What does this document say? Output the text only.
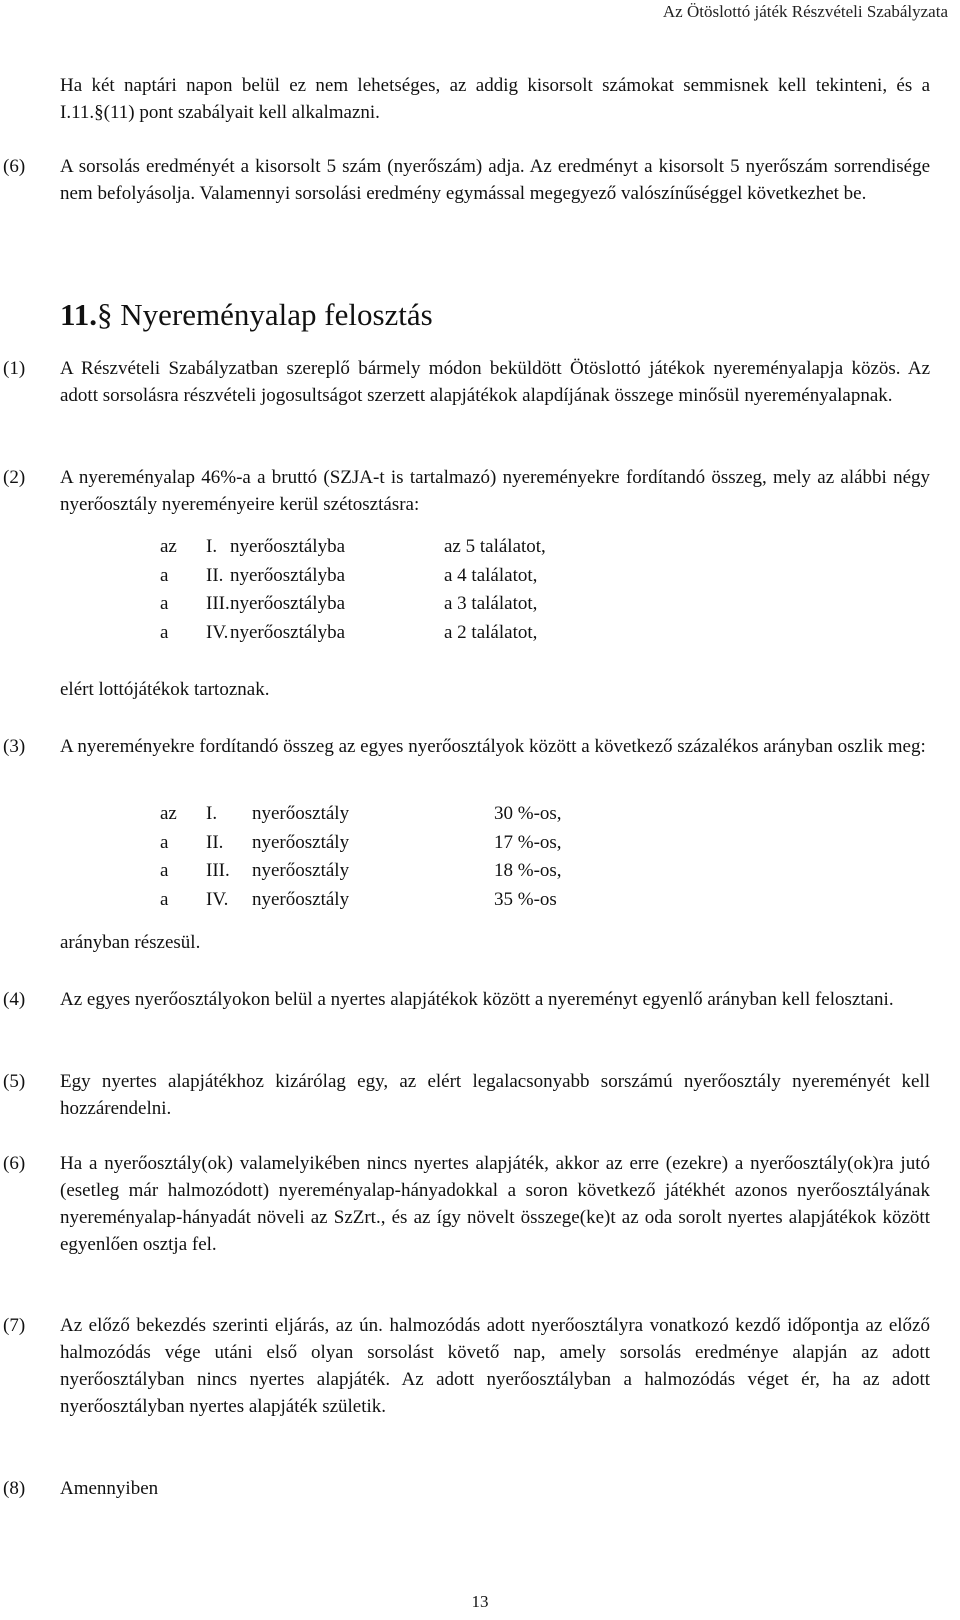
Az Ötöslottó játék Részvételi Szabályzata
Ha két naptári napon belül ez nem lehetséges, az addig kisorsolt számokat semmisnek kell tekinteni, és a I.11.§(11) pont szabályait kell alkalmazni.
(6) A sorsolás eredményét a kisorsolt 5 szám (nyerőszám) adja. Az eredményt a kisorsolt 5 nyerőszám sorrendisége nem befolyásolja. Valamennyi sorsolási eredmény egymással megegyező valószínűséggel következhet be.
11.§ Nyereményalap felosztás
(1) A Részvételi Szabályzatban szereplő bármely módon beküldött Ötöslottó játékok nyereményalapja közös. Az adott sorsolásra részvételi jogosultságot szerzett alapjátékok alapdíjának összege minősül nyereményalapnak.
(2) A nyereményalap 46%-a a bruttó (SZJA-t is tartalmazó) nyereményekre fordítandó összeg, mely az alábbi négy nyerőosztály nyereményeire kerül szétosztásra:
az	I.	nyerőosztályba	az 5 találatot,
a	II.	nyerőosztályba	a 4 találatot,
a	III.	nyerőosztályba	a 3 találatot,
a	IV.	nyerőosztályba	a 2 találatot,
elért lottójátékok tartoznak.
(3) A nyereményekre fordítandó összeg az egyes nyerőosztályok között a következő százalékos arányban oszlik meg:
az	I.	nyerőosztály	30 %-os,
a	II.	nyerőosztály	17 %-os,
a	III.	nyerőosztály	18 %-os,
a	IV.	nyerőosztály	35 %-os
arányban részesül.
(4) Az egyes nyerőosztályokon belül a nyertes alapjátékok között a nyereményt egyenlő arányban kell felosztani.
(5) Egy nyertes alapjátékhoz kizárólag egy, az elért legalacsonyabb sorszámú nyerőosztály nyereményét kell hozzárendelni.
(6) Ha a nyerőosztály(ok) valamelyikében nincs nyertes alapjáték, akkor az erre (ezekre) a nyerőosztály(ok)ra jutó (esetleg már halmozódott) nyereményalap-hányadokkal a soron következő játékhét azonos nyerőosztályának nyereményalap-hányadát növeli az SzZrt., és az így növelt összege(ke)t az oda sorolt nyertes alapjátékok között egyenlően osztja fel.
(7) Az előző bekezdés szerinti eljárás, az ún. halmozódás adott nyerőosztályra vonatkozó kezdő időpontja az előző halmozódás vége utáni első olyan sorsolást követő nap, amely sorsolás eredménye alapján az adott nyerőosztályban nincs nyertes alapjáték. Az adott nyerőosztályban a halmozódás véget ér, ha az adott nyerőosztályban nyertes alapjáték születik.
(8) Amennyiben
13
